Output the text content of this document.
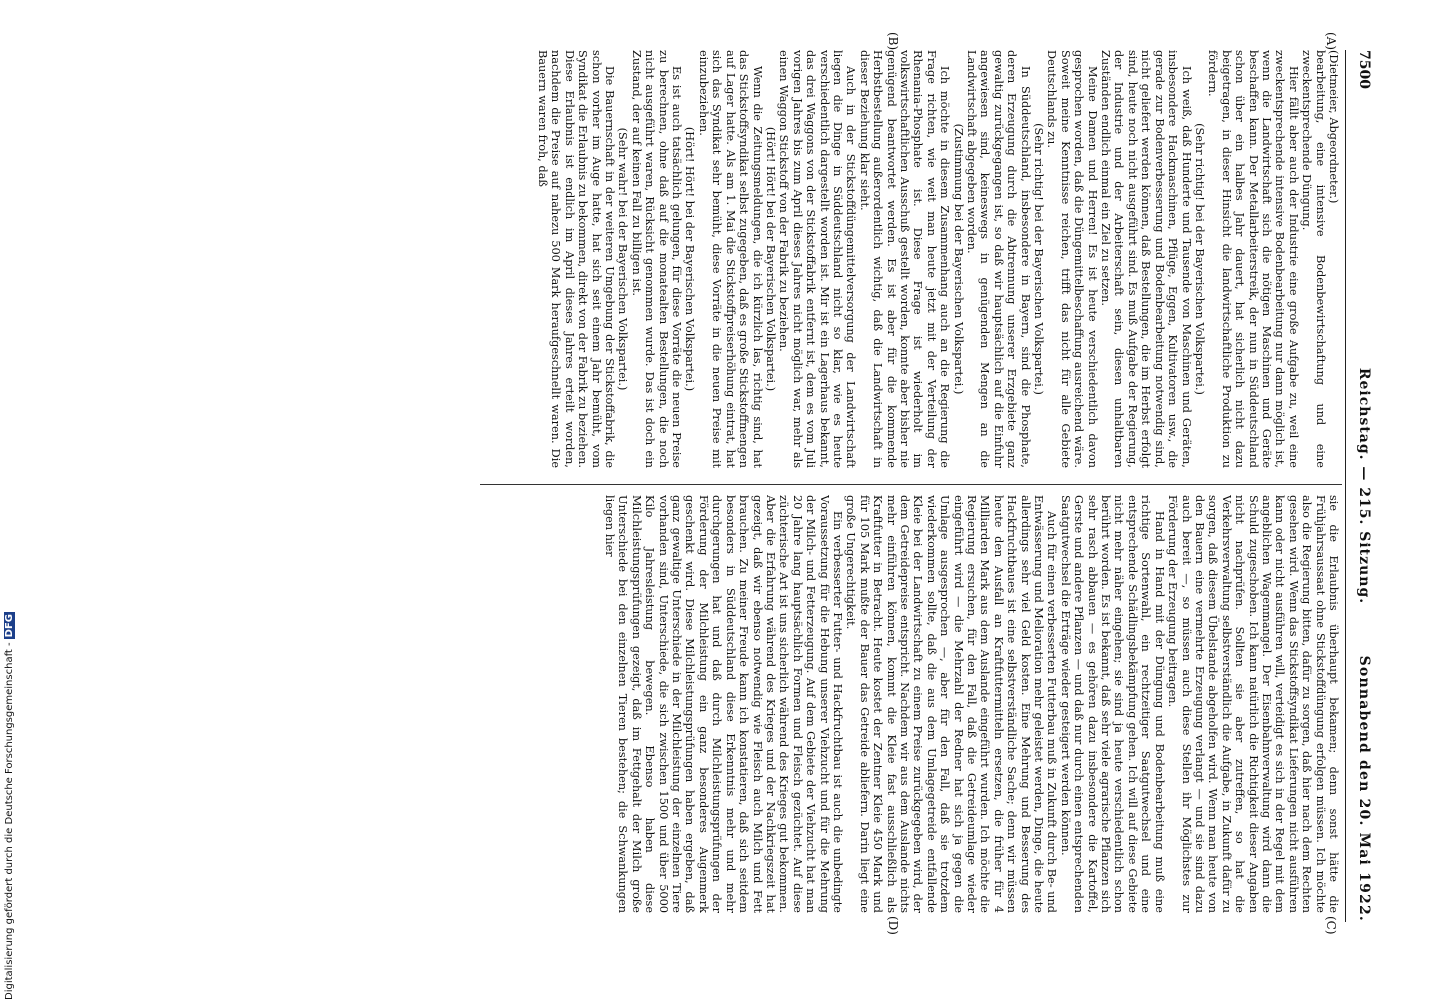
7500
Reichstag. — 215. Sitzung.
Sonnabend den 20. Mai 1922.
(A)
(B)
(C)
(D)

(Dietmeier, Abgeordneter.)

bearbeitung, eine intensive Bodenbewirtschaftung und eine zweckentsprechende Düngung.

Hier fällt aber auch der Industrie eine große Aufgabe zu, weil eine zweckentsprechende intensive Bodenbearbeitung nur dann möglich ist, wenn die Landwirtschaft sich die nötigen Maschinen und Geräte beschaffen kann. Der Metallarbeiterstreik, der nun in Süddeutschland schon über ein halbes Jahr dauert, hat sicherlich nicht dazu beigetragen, in dieser Hinsicht die landwirtschaftliche Produktion zu fördern.

(Sehr richtig! bei der Bayerischen Volkspartei.)

Ich weiß, daß Hunderte und Tausende von Maschinen und Geräten, insbesondere Hackmaschinen, Pflüge, Eggen, Kultivatoren usw., die gerade zur Bodenverbesserung und Bodenbearbeitung notwendig sind, nicht geliefert werden können, daß Bestellungen, die im Herbst erfolgt sind, heute noch nicht ausgeführt sind. Es muß Aufgabe der Regierung, der Industrie und der Arbeiterschaft sein, diesen unhaltbaren Zuständen endlich einmal ein Ziel zu setzen.

Meine Damen und Herren! Es ist heute verschiedentlich davon gesprochen worden, daß die Düngemittelbeschaffung ausreichend wäre. Soweit meine Kenntnisse reichen, trifft das nicht für alle Gebiete Deutschlands zu.

(Sehr richtig! bei der Bayerischen Volkspartei.)

In Süddeutschland, insbesondere in Bayern, sind die Phosphate, deren Erzeugung durch die Abtrennung unserer Erzgebiete ganz gewaltig zurückgegangen ist, so daß wir hauptsächlich auf die Einfuhr angewiesen sind, keineswegs in genügenden Mengen an die Landwirtschaft abgegeben worden.

(Zustimmung bei der Bayerischen Volkspartei.)

Ich möchte in diesem Zusammenhang auch an die Regierung die Frage richten, wie weit man heute jetzt mit der Verteilung der Rhenania-Phosphate ist. Diese Frage ist wiederholt im volkswirtschaftlichen Ausschuß gestellt worden, konnte aber bisher nie genügend beantwortet werden. Es ist aber für die kommende Herbstbestellung außerordentlich wichtig, daß die Landwirtschaft in dieser Beziehung klar sieht.

Auch in der Stickstoffdüngemittelversorgung der Landwirtschaft liegen die Dinge in Süddeutschland nicht so klar, wie es heute verschiedentlich dargestellt worden ist. Mir ist ein Lagerhaus bekannt, das drei Waggons von der Stickstoffabrik entfernt ist, dem es vom Juli vorigen Jahres bis zum April dieses Jahres nicht möglich war, mehr als einen Waggon Stickstoff von der Fabrik zu beziehen.

(Hört! Hört! bei der Bayerischen Volkspartei.)

Wenn die Zeitungsmeldungen, die ich kürzlich las, richtig sind, hat das Stickstoffsyndikat selbst zugegeben, daß es große Stickstoffmengen auf Lager hatte. Als am 1. Mai die Stickstoffpreiserhöhung eintrat, hat sich das Syndikat sehr bemüht, diese Vorräte in die neuen Preise mit einzubeziehen.

(Hört! Hört! bei der Bayerischen Volkspartei.)

Es ist auch tatsächlich gelungen, für diese Vorräte die neuen Preise zu berechnen, ohne daß auf die monatealten Bestellungen, die noch nicht ausgeführt waren, Rücksicht genommen wurde. Das ist doch ein Zustand, der auf keinen Fall zu billigen ist.

(Sehr wahr! bei der Bayerischen Volkspartei.)

Die Bauernschaft in der weiteren Umgebung der Stickstoffabrik, die schon vorher im Auge hatte, hat sich seit einem Jahr bemüht, vom Syndikat die Erlaubnis zu bekommen, direkt von der Fabrik zu beziehen. Diese Erlaubnis ist endlich im April dieses Jahres erteilt worden, nachdem die Preise auf nahezu 500 Mark heraufgeschnellt waren. Die Bauern waren froh, daß

sie die Erlaubnis überhaupt bekamen; denn sonst hätte die Frühjahrsaussaat ohne Stickstoffdüngung erfolgen müssen. Ich möchte also die Regierung bitten, dafür zu sorgen, daß hier nach dem Rechten gesehen wird. Wenn das Stickstoffsyndikat Lieferungen nicht ausführen kann oder nicht ausführen will, verteidigt es sich in der Regel mit dem angeblichen Wagenmangel. Der Eisenbahnverwaltung wird dann die Schuld zugeschoben. Ich kann natürlich die Richtigkeit dieser Angaben nicht nachprüfen. Sollten sie aber zutreffen, so hat die Verkehrsverwaltung selbstverständlich die Aufgabe, in Zukunft dafür zu sorgen, daß diesem Übelstande abgeholfen wird. Wenn man heute von den Bauern eine vermehrte Erzeugung verlangt — und sie sind dazu auch bereit —, so müssen auch diese Stellen ihr Möglichstes zur Förderung der Erzeugung beitragen.

Hand in Hand mit der Düngung und Bodenbearbeitung muß eine richtige Sortenwahl, ein rechtzeitiger Saatgutwechsel und eine entsprechende Schädlingsbekämpfung gehen. Ich will auf diese Gebiete nicht mehr näher eingehen; sie sind ja heute verschiedentlich schon berührt worden. Es ist bekannt, daß sehr viele agrarische Pflanzen sich sehr rasch abbauen — es gehören dazu insbesondere die Kartoffel, Gerste und andere Pflanzen — und daß nur durch einen entsprechenden Saatgutwechsel die Erträge wieder gesteigert werden können.

Auch für einen verbesserten Futterbau muß in Zukunft durch Be- und Entwässerung und Melioration mehr geleistet werden, Dinge, die heute allerdings sehr viel Geld kosten. Eine Mehrung und Besserung des Hackfruchtbaues ist eine selbstverständliche Sache; denn wir müssen heute den Ausfall an Kraftfuttermitteln ersetzen, die früher für 4 Milliarden Mark aus dem Auslande eingeführt wurden. Ich möchte die Regierung ersuchen, für den Fall, daß die Getreideumlage wieder eingeführt wird — die Mehrzahl der Redner hat sich ja gegen die Umlage ausgesprochen —, aber für den Fall, daß sie trotzdem wiederkommen sollte, daß die aus dem Umlagegetreide entfallende Kleie bei der Landwirtschaft zu einem Preise zurückgegeben wird, der dem Getreidepreise entspricht. Nachdem wir aus dem Auslande nichts mehr einführen können, kommt die Kleie fast ausschließlich als Kraftfutter in Betracht. Heute kostet der Zentner Kleie 450 Mark und für 105 Mark mußte der Bauer das Getreide abliefern. Darin liegt eine große Ungerechtigkeit.

Ein verbesserter Futter- und Hackfruchtbau ist auch die unbedingte Voraussetzung für die Hebung unserer Viehzucht und für die Mehrung der Milch- und Fetterzeugung. Auf dem Gebiete der Viehzucht hat man 20 Jahre lang hauptsächlich Formen und Fleisch gezüchtet. Auf diese züchterische Art ist uns sicherlich während des Krieges gut bekommen. Aber die Erfahrung während des Krieges und der Nachkriegszeit hat gezeigt, daß wir ebenso notwendig wie Fleisch auch Milch und Fett brauchen. Zu meiner Freude kann ich konstatieren, daß sich seitdem besonders in Süddeutschland diese Erkenntnis mehr und mehr durchgerungen hat und daß durch Milchleistungsprüfungen der Förderung der Milchleistung ein ganz besonderes Augenmerk geschenkt wird. Diese Milchleistungsprüfungen haben ergeben, daß ganz gewaltige Unterschiede in der Milchleistung der einzelnen Tiere vorhanden sind, Unterschiede, die sich zwischen 1500 und über 5000 Kilo Jahresleistung bewegen. Ebenso haben diese Milchleistungsprüfungen gezeigt, daß im Fettgehalt der Milch große Unterschiede bei den einzelnen Tieren bestehen; die Schwankungen liegen hier

Digitalisierung gefördert durch die Deutsche Forschungsgemeinschaft -DFG
